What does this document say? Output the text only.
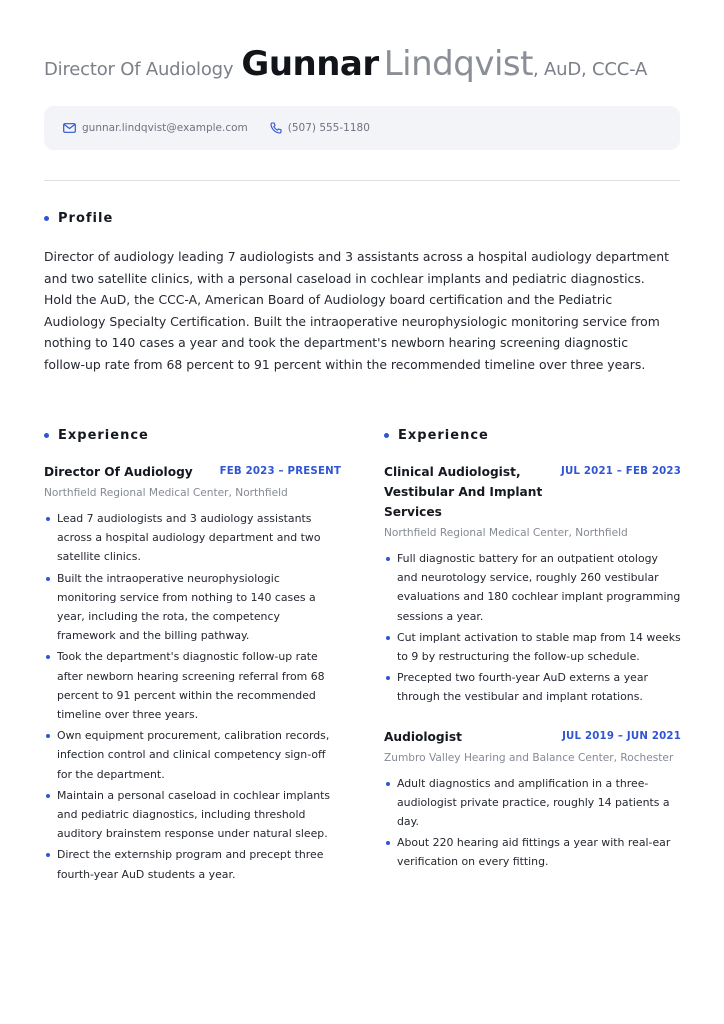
Director Of Audiology Gunnar Lindqvist, AuD, CCC-A
gunnar.lindqvist@example.com	(507) 555-1180
Profile

Director of audiology leading 7 audiologists and 3 assistants across a hospital audiology department and two satellite clinics, with a personal caseload in cochlear implants and pediatric diagnostics. Hold the AuD, the CCC-A, American Board of Audiology board certification and the Pediatric Audiology Specialty Certification. Built the intraoperative neurophysiologic monitoring service from nothing to 140 cases a year and took the department's newborn hearing screening diagnostic follow-up rate from 68 percent to 91 percent within the recommended timeline over three years.

Experience	Experience
Director Of Audiology	FEB 2023 – PRESENT
Northfield Regional Medical Center, Northfield
Lead 7 audiologists and 3 audiology assistants across a hospital audiology department and two satellite clinics.
Built the intraoperative neurophysiologic monitoring service from nothing to 140 cases a year, including the rota, the competency framework and the billing pathway.
Took the department's diagnostic follow-up rate after newborn hearing screening referral from 68 percent to 91 percent within the recommended timeline over three years.
Own equipment procurement, calibration records, infection control and clinical competency sign-off for the department.
Maintain a personal caseload in cochlear implants and pediatric diagnostics, including threshold auditory brainstem response under natural sleep.
Direct the externship program and precept three fourth-year AuD students a year.
Clinical Audiologist, Vestibular And Implant Services
JUL 2021 – FEB 2023
Northfield Regional Medical Center, Northfield
Full diagnostic battery for an outpatient otology and neurotology service, roughly 260 vestibular evaluations and 180 cochlear implant programming sessions a year.
Cut implant activation to stable map from 14 weeks to 9 by restructuring the follow-up schedule.
Precepted two fourth-year AuD externs a year through the vestibular and implant rotations.
Audiologist	JUL 2019 – JUN 2021
Zumbro Valley Hearing and Balance Center, Rochester
Adult diagnostics and amplification in a three-audiologist private practice, roughly 14 patients a day.
About 220 hearing aid fittings a year with real-ear verification on every fitting.
